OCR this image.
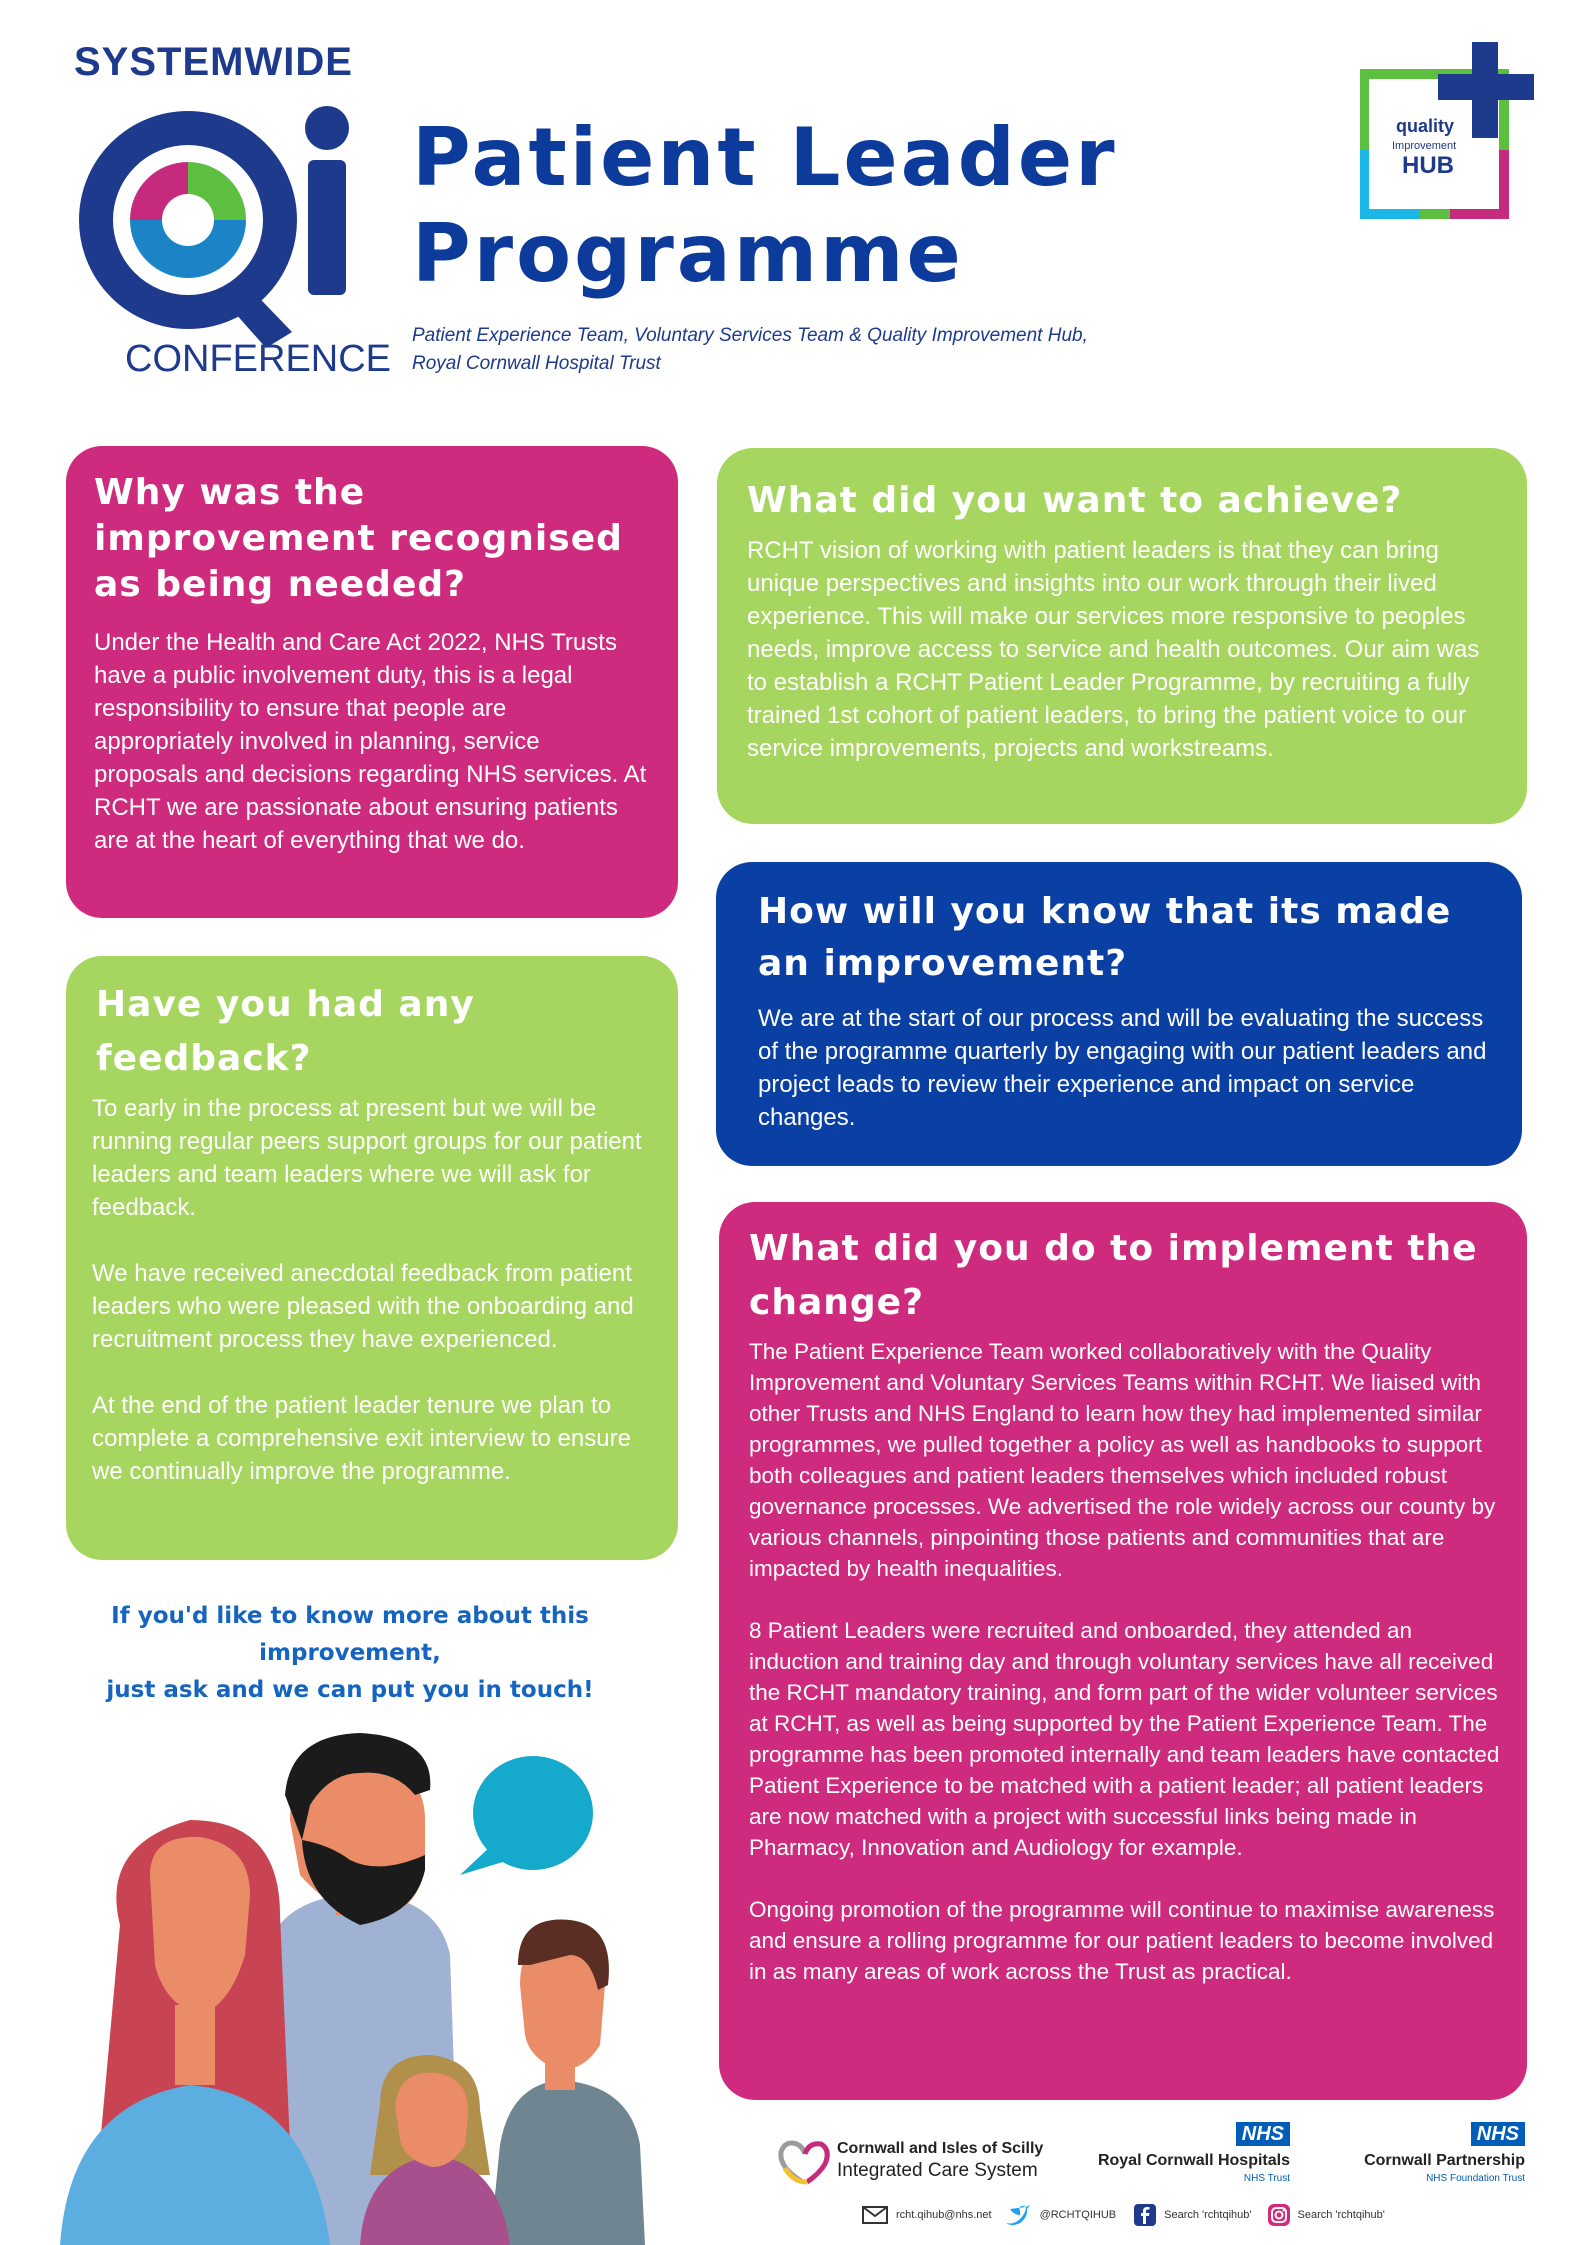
SYSTEMWIDE
CONFERENCE
Patient Leader
Programme
Patient Experience Team, Voluntary Services Team & Quality Improvement Hub,
Royal Cornwall Hospital Trust
quality
Improvement
HUB
Why was the improvement recognised as being needed?

Under the Health and Care Act 2022, NHS Trusts have a public involvement duty, this is a legal responsibility to ensure that people are appropriately involved in planning, service proposals and decisions regarding NHS services. At RCHT we are passionate about ensuring patients are at the heart of everything that we do.

What did you want to achieve?

RCHT vision of working with patient leaders is that they can bring unique perspectives and insights into our work through their lived experience. This will make our services more responsive to peoples needs, improve access to service and health outcomes. Our aim was to establish a RCHT Patient Leader Programme, by recruiting a fully trained 1st cohort of patient leaders, to bring the patient voice to our service improvements, projects and workstreams.

How will you know that its made an improvement?

We are at the start of our process and will be evaluating the success of the programme quarterly by engaging with our patient leaders and project leads to review their experience and impact on service changes.

Have you had any feedback?

To early in the process at present but we will be running regular peers support groups for our patient leaders and team leaders where we will ask for feedback.

We have received anecdotal feedback from patient leaders who were pleased with the onboarding and recruitment process they have experienced.

At the end of the patient leader tenure we plan to complete a comprehensive exit interview to ensure we continually improve the programme.

What did you do to implement the change?

The Patient Experience Team worked collaboratively with the Quality Improvement and Voluntary Services Teams within RCHT. We liaised with other Trusts and NHS England to learn how they had implemented similar programmes, we pulled together a policy as well as handbooks to support both colleagues and patient leaders themselves which included robust governance processes. We advertised the role widely across our county by various channels, pinpointing those patients and communities that are impacted by health inequalities.

8 Patient Leaders were recruited and onboarded, they attended an induction and training day and through voluntary services have all received the RCHT mandatory training, and form part of the wider volunteer services at RCHT, as well as being supported by the Patient Experience Team. The programme has been promoted internally and team leaders have contacted Patient Experience to be matched with a patient leader; all patient leaders are now matched with a project with successful links being made in Pharmacy, Innovation and Audiology for example.

Ongoing promotion of the programme will continue to maximise awareness and ensure a rolling programme for our patient leaders to become involved in as many areas of work across the Trust as practical.

If you'd like to know more about this improvement,
just ask and we can put you in touch!
Cornwall and Isles of Scilly
Integrated Care System
NHS
Royal Cornwall Hospitals
NHS Trust
NHS
Cornwall Partnership
NHS Foundation Trust
rcht.qihub@nhs.net	@RCHTQIHUB	Search 'rchtqihub'	Search 'rchtqihub'
